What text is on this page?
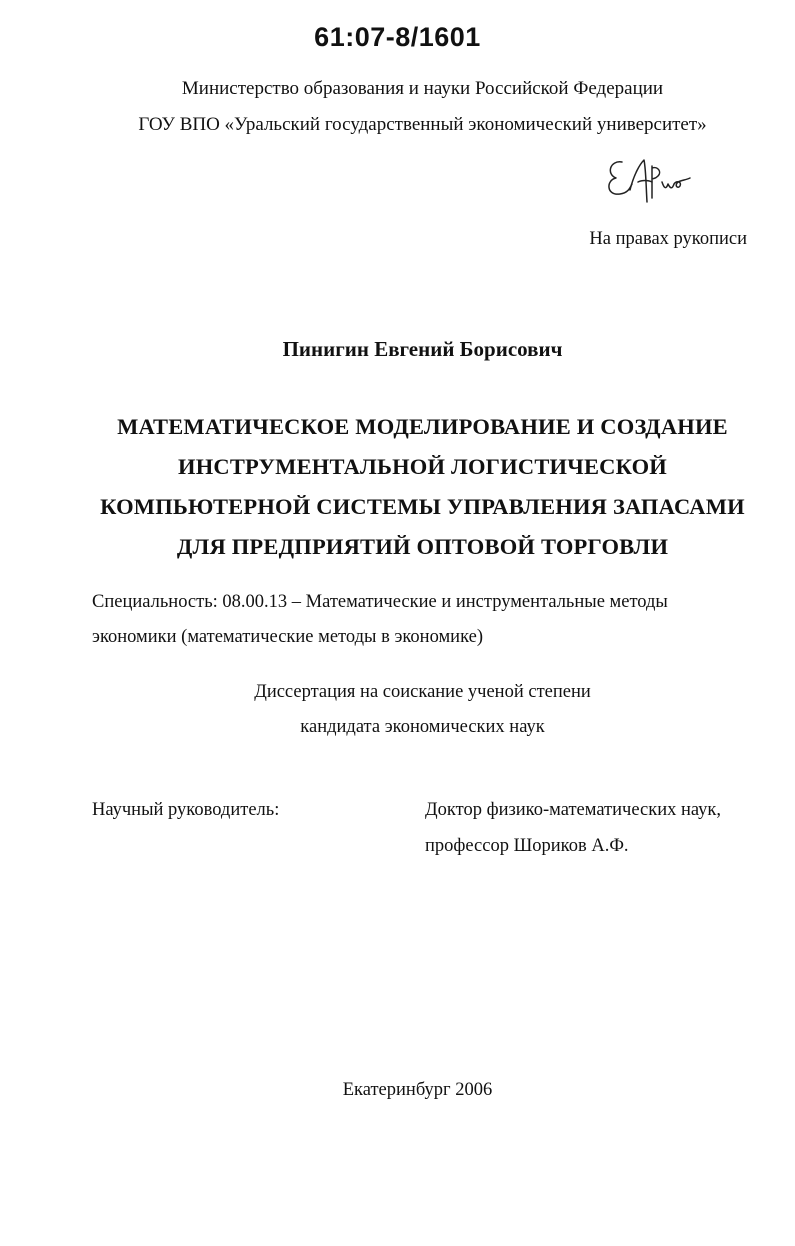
61:07-8/1601
Министерство образования и науки Российской Федерации
ГОУ ВПО «Уральский государственный экономический университет»
На правах рукописи
Пинигин Евгений Борисович
МАТЕМАТИЧЕСКОЕ МОДЕЛИРОВАНИЕ И СОЗДАНИЕ
ИНСТРУМЕНТАЛЬНОЙ ЛОГИСТИЧЕСКОЙ
КОМПЬЮТЕРНОЙ СИСТЕМЫ УПРАВЛЕНИЯ ЗАПАСАМИ
ДЛЯ ПРЕДПРИЯТИЙ ОПТОВОЙ ТОРГОВЛИ
Специальность: 08.00.13 – Математические и инструментальные методы
экономики (математические методы в экономике)
Диссертация на соискание ученой степени
кандидата экономических наук
Научный руководитель:	Доктор физико-математических наук,
профессор Шориков А.Ф.
Екатеринбург 2006
